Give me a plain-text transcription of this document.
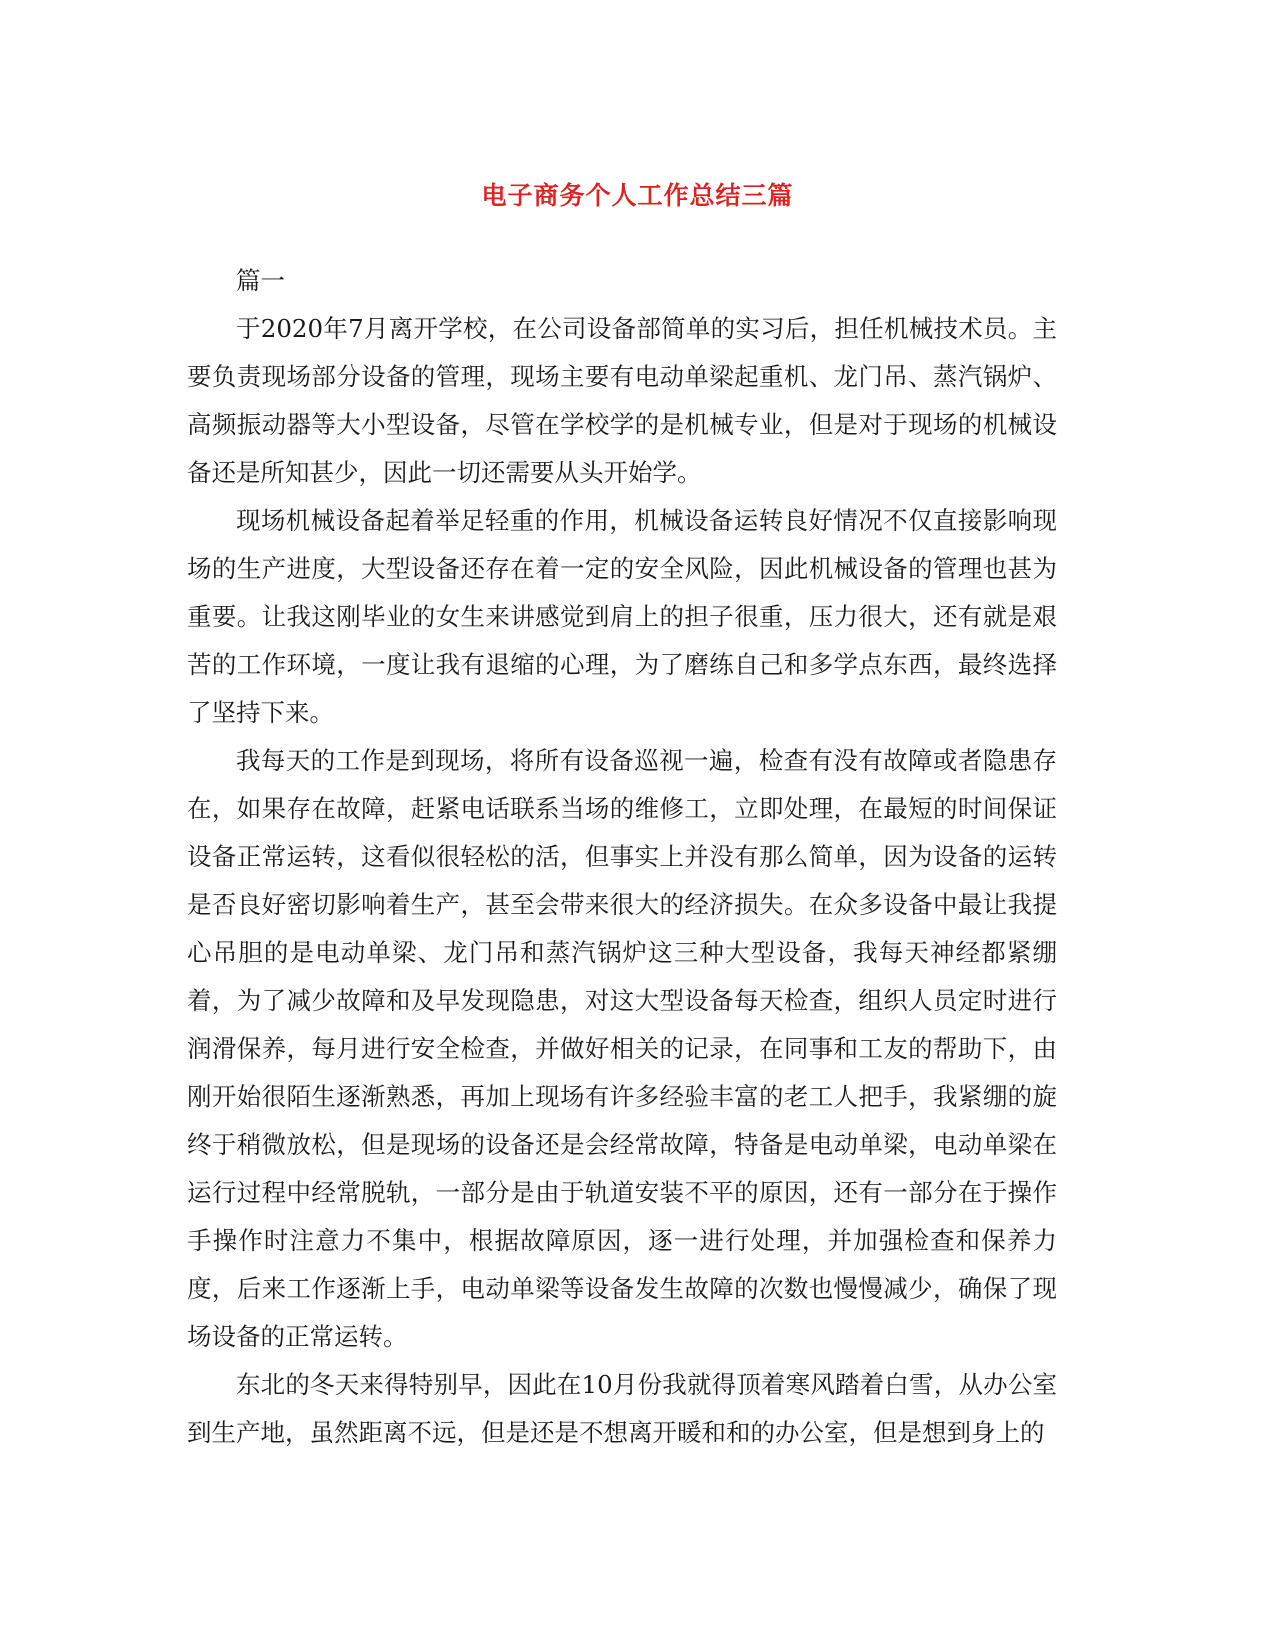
电子商务个人工作总结三篇

篇一

于2020年7月离开学校，在公司设备部简单的实习后，担任机械技术员。主要负责现场部分设备的管理，现场主要有电动单梁起重机、龙门吊、蒸汽锅炉、高频振动器等大小型设备，尽管在学校学的是机械专业，但是对于现场的机械设备还是所知甚少，因此一切还需要从头开始学。

现场机械设备起着举足轻重的作用，机械设备运转良好情况不仅直接影响现场的生产进度，大型设备还存在着一定的安全风险，因此机械设备的管理也甚为重要。让我这刚毕业的女生来讲感觉到肩上的担子很重，压力很大，还有就是艰苦的工作环境，一度让我有退缩的心理，为了磨练自己和多学点东西，最终选择了坚持下来。

我每天的工作是到现场，将所有设备巡视一遍，检查有没有故障或者隐患存在，如果存在故障，赶紧电话联系当场的维修工，立即处理，在最短的时间保证设备正常运转，这看似很轻松的活，但事实上并没有那么简单，因为设备的运转是否良好密切影响着生产，甚至会带来很大的经济损失。在众多设备中最让我提心吊胆的是电动单梁、龙门吊和蒸汽锅炉这三种大型设备，我每天神经都紧绷着，为了减少故障和及早发现隐患，对这大型设备每天检查，组织人员定时进行润滑保养，每月进行安全检查，并做好相关的记录，在同事和工友的帮助下，由刚开始很陌生逐渐熟悉，再加上现场有许多经验丰富的老工人把手，我紧绷的旋终于稍微放松，但是现场的设备还是会经常故障，特备是电动单梁，电动单梁在运行过程中经常脱轨，一部分是由于轨道安装不平的原因，还有一部分在于操作手操作时注意力不集中，根据故障原因，逐一进行处理，并加强检查和保养力度，后来工作逐渐上手，电动单梁等设备发生故障的次数也慢慢减少，确保了现场设备的正常运转。

东北的冬天来得特别早，因此在10月份我就得顶着寒风踏着白雪，从办公室到生产地，虽然距离不远，但是还是不想离开暖和和的办公室，但是想到身上的
